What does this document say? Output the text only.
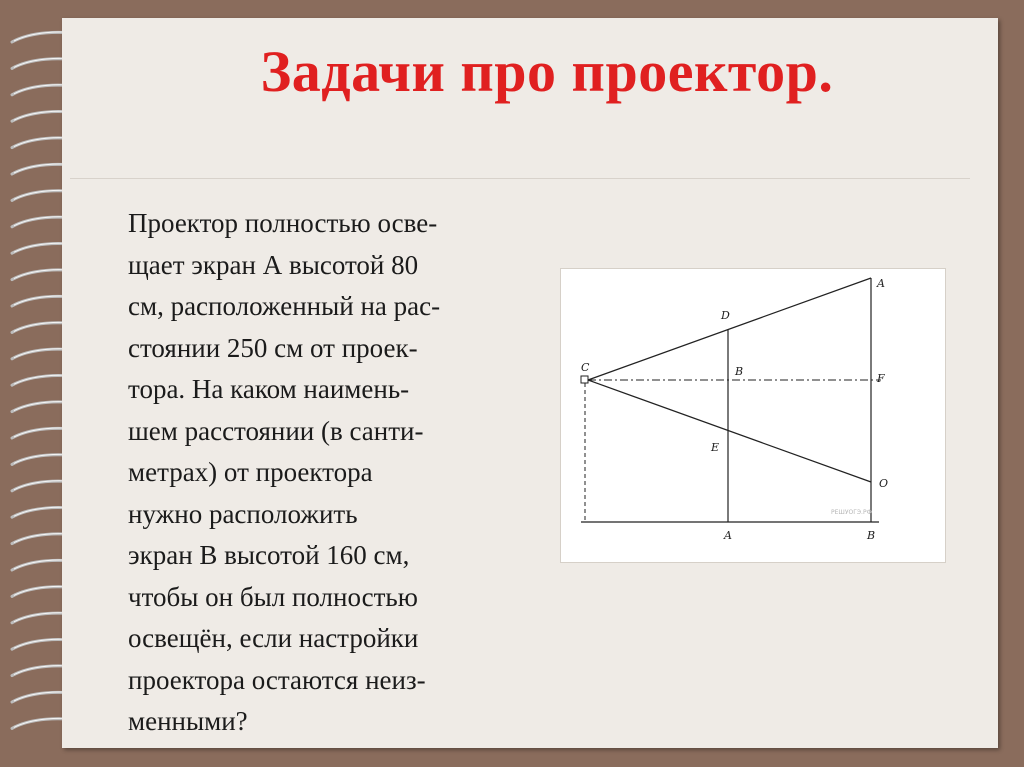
Задачи про проектор.
Проектор полностью осве-
щает экран А высотой 80
см, расположенный на рас-
стоянии 250 см от проек-
тора. На каком наимень-
шем расстоянии (в санти-
метрах) от проектора
нужно расположить
экран В высотой 160 см,
чтобы он был полностью
освещён, если настройки
проектора остаются неиз-
менными?
C
D
B
E
A
F
O
A	B
РЕШУОГЭ.РФ
